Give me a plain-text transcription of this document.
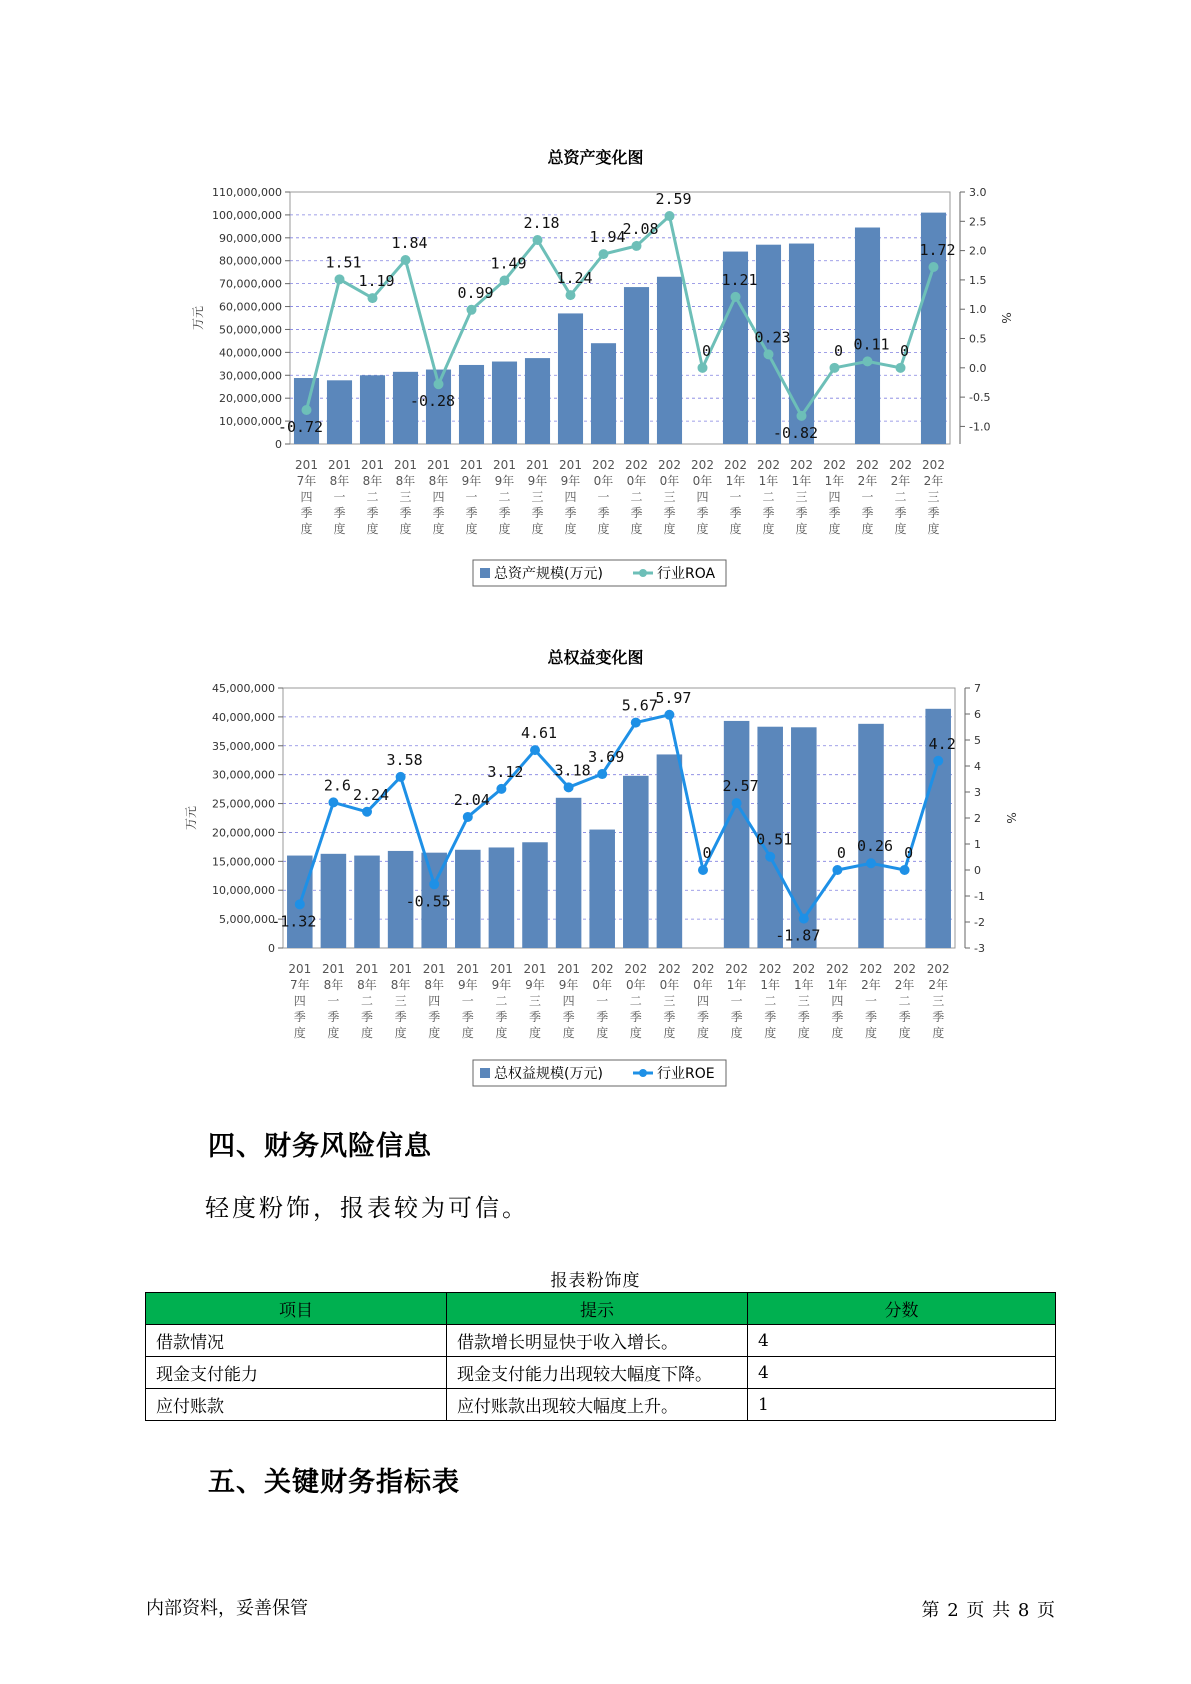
总资产变化图
110,000,000
100,000,000
90,000,000
80,000,000
70,000,000
60,000,000
50,000,000
40,000,000
30,000,000
20,000,000
10,000,000
0
3.0
2.5
2.0
1.5
1.0
0.5
0.0
-0.5
-1.0
万元	%
201
7年
四
季
度
201
8年
一
季
度
201
8年
二
季
度
201
8年
三
季
度
201
8年
四
季
度
201
9年
一
季
度
201
9年
二
季
度
201
9年
三
季
度
201
9年
四
季
度
202
0年
一
季
度
202
0年
二
季
度
202
0年
三
季
度
202
0年
四
季
度
202
1年
一
季
度
202
1年
二
季
度
202
1年
三
季
度
202
1年
四
季
度
202
2年
一
季
度
202
2年
二
季
度
202
2年
三
季
度
-0.72
1.51
1.19
1.84
-0.28
0.99
1.49
2.18
1.24
1.94
2.08
2.59
0
1.21
0.23
-0.82
0 0.11 0
1.72
总资产规模(万元)	行业ROA
总权益变化图
45,000,000
40,000,000
35,000,000
30,000,000
25,000,000
20,000,000
15,000,000
10,000,000
5,000,000
0
7
6
5
4
3
2
1
0
-1
-2
-3
万元	%
201
7年
四
季
度
201
8年
一
季
度
201
8年
二
季
度
201
8年
三
季
度
201
8年
四
季
度
201
9年
一
季
度
201
9年
二
季
度
201
9年
三
季
度
201
9年
四
季
度
202
0年
一
季
度
202
0年
二
季
度
202
0年
三
季
度
202
0年
四
季
度
202
1年
一
季
度
202
1年
二
季
度
202
1年
三
季
度
202
1年
四
季
度
202
2年
一
季
度
202
2年
二
季
度
202
2年
三
季
度
-1.32
2.6
2.24
3.58
-0.55
2.04
3.12
4.61
3.18
3.69
5.67
5.97
0
2.57
0.51
-1.87
0 0.26 0
4.2
总权益规模(万元)	行业ROE
四、财务风险信息
轻度粉饰，报表较为可信。
报表粉饰度
项目	提示	分数
借款情况	借款增长明显快于收入增长。	4
现金支付能力	现金支付能力出现较大幅度下降。	4
应付账款	应付账款出现较大幅度上升。	1
五、关键财务指标表
内部资料，妥善保管	第 2 页 共 8 页
